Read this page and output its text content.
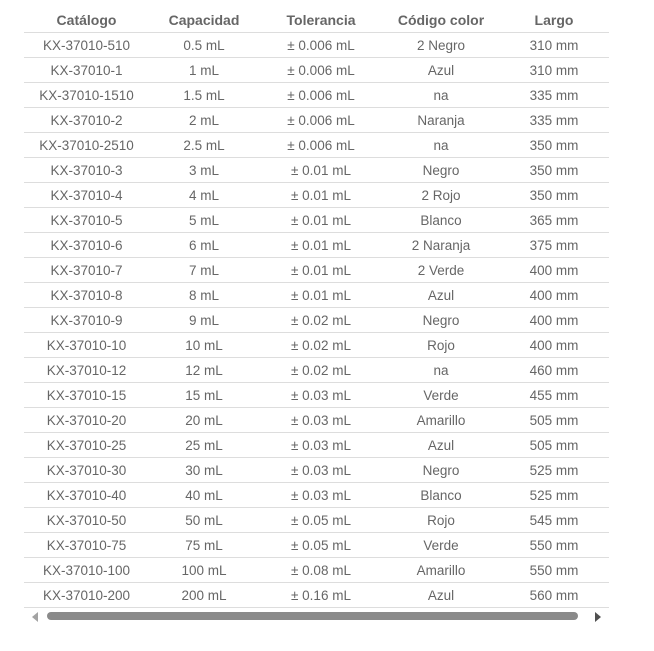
Catálogo	Capacidad	Tolerancia	Código color	Largo
KX-37010-510	0.5 mL	± 0.006 mL	2 Negro	310 mm
KX-37010-1	1 mL	± 0.006 mL	Azul	310 mm
KX-37010-1510	1.5 mL	± 0.006 mL	na	335 mm
KX-37010-2	2 mL	± 0.006 mL	Naranja	335 mm
KX-37010-2510	2.5 mL	± 0.006 mL	na	350 mm
KX-37010-3	3 mL	± 0.01 mL	Negro	350 mm
KX-37010-4	4 mL	± 0.01 mL	2 Rojo	350 mm
KX-37010-5	5 mL	± 0.01 mL	Blanco	365 mm
KX-37010-6	6 mL	± 0.01 mL	2 Naranja	375 mm
KX-37010-7	7 mL	± 0.01 mL	2 Verde	400 mm
KX-37010-8	8 mL	± 0.01 mL	Azul	400 mm
KX-37010-9	9 mL	± 0.02 mL	Negro	400 mm
KX-37010-10	10 mL	± 0.02 mL	Rojo	400 mm
KX-37010-12	12 mL	± 0.02 mL	na	460 mm
KX-37010-15	15 mL	± 0.03 mL	Verde	455 mm
KX-37010-20	20 mL	± 0.03 mL	Amarillo	505 mm
KX-37010-25	25 mL	± 0.03 mL	Azul	505 mm
KX-37010-30	30 mL	± 0.03 mL	Negro	525 mm
KX-37010-40	40 mL	± 0.03 mL	Blanco	525 mm
KX-37010-50	50 mL	± 0.05 mL	Rojo	545 mm
KX-37010-75	75 mL	± 0.05 mL	Verde	550 mm
KX-37010-100	100 mL	± 0.08 mL	Amarillo	550 mm
KX-37010-200	200 mL	± 0.16 mL	Azul	560 mm
